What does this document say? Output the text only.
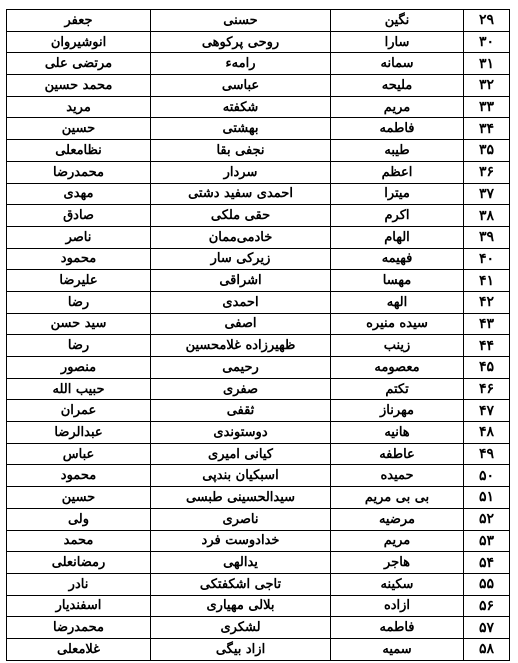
۲۹	نگین	حسنی	جعفر
۳۰	سارا	روحی پرکوهی	انوشیروان
۳۱	سمانه	رامهء	مرتضی علی
۳۲	ملیحه	عباسی	محمد حسین
۳۳	مریم	شکفته	مرید
۳۴	فاطمه	بهشتی	حسین
۳۵	طیبه	نجفی بقا	نظامعلی
۳۶	اعظم	سردار	محمدرضا
۳۷	میترا	احمدی سفید دشتی	مهدی
۳۸	اکرم	حقی ملکی	صادق
۳۹	الهام	خادمی‌ممان	ناصر
۴۰	فهیمه	زیرکی سار	محمود
۴۱	مهسا	اشراقی	علیرضا
۴۲	الهه	احمدی	رضا
۴۳	سیده منیره	اصفی	سید حسن
۴۴	زینب	ظهیرزاده غلامحسین	رضا
۴۵	معصومه	رحیمی	منصور
۴۶	تکتم	صفری	حبیب الله
۴۷	مهرناز	ثقفی	عمران
۴۸	هانیه	دوستوندی	عبدالرضا
۴۹	عاطفه	کیانی امیری	عباس
۵۰	حمیده	اسبکیان بندپی	محمود
۵۱	بی بی مریم	سیدالحسینی طبسی	حسین
۵۲	مرضیه	ناصری	ولی
۵۳	مریم	خدادوست فرد	محمد
۵۴	هاجر	یدالهی	رمضانعلی
۵۵	سکینه	تاجی اشکفتکی	نادر
۵۶	ازاده	بلالی مهیاری	اسفندیار
۵۷	فاطمه	لشکری	محمدرضا
۵۸	سمیه	ازاد بیگی	غلامعلی
